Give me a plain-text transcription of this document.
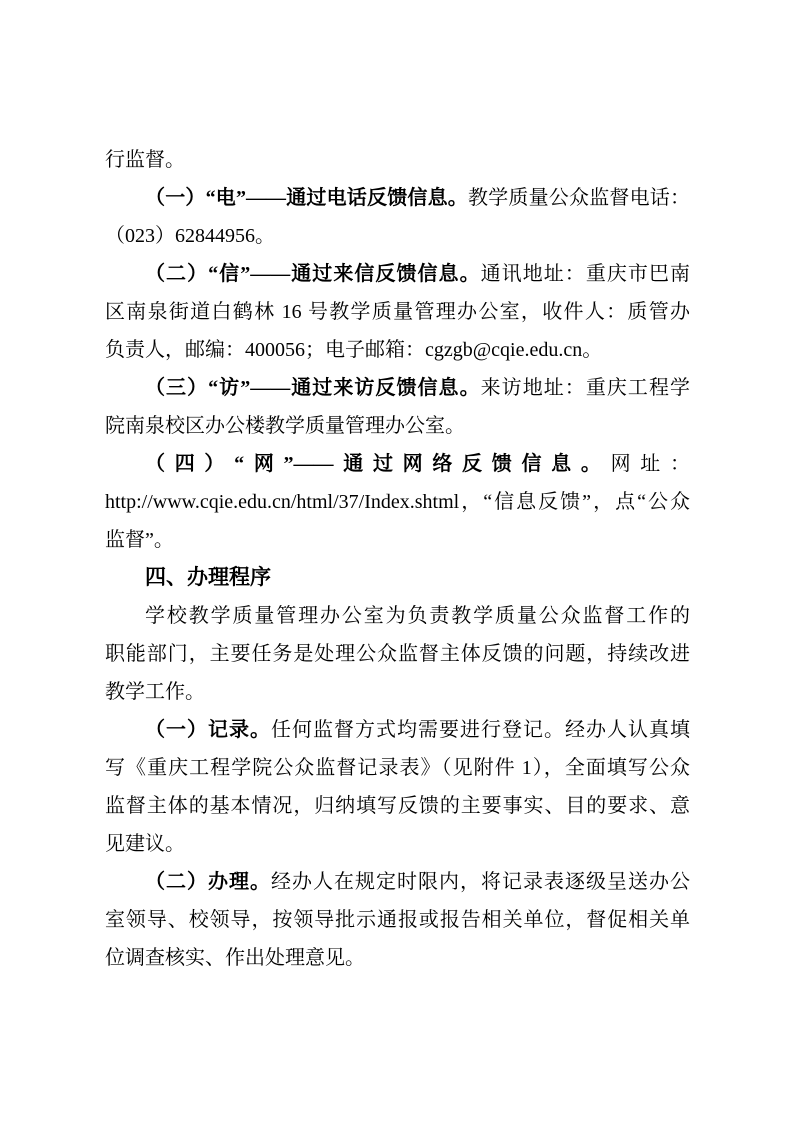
行监督。
（一）“电”——通过电话反馈信息。教学质量公众监督电话：
（023）62844956。
（二）“信”——通过来信反馈信息。通讯地址：重庆市巴南
区南泉街道白鹤林 16 号教学质量管理办公室，收件人：质管办
负责人，邮编：400056；电子邮箱：cgzgb@cqie.edu.cn。
（三）“访”——通过来访反馈信息。来访地址：重庆工程学
院南泉校区办公楼教学质量管理办公室。
（四）“网”——通过网络反馈信息。网址：
http://www.cqie.edu.cn/html/37/Index.shtml，“信息反馈”，点“公众
监督”。
四、办理程序
学校教学质量管理办公室为负责教学质量公众监督工作的
职能部门，主要任务是处理公众监督主体反馈的问题，持续改进
教学工作。
（一）记录。任何监督方式均需要进行登记。经办人认真填
写《重庆工程学院公众监督记录表》（见附件 1），全面填写公众
监督主体的基本情况，归纳填写反馈的主要事实、目的要求、意
见建议。
（二）办理。经办人在规定时限内，将记录表逐级呈送办公
室领导、校领导，按领导批示通报或报告相关单位，督促相关单
位调查核实、作出处理意见。
